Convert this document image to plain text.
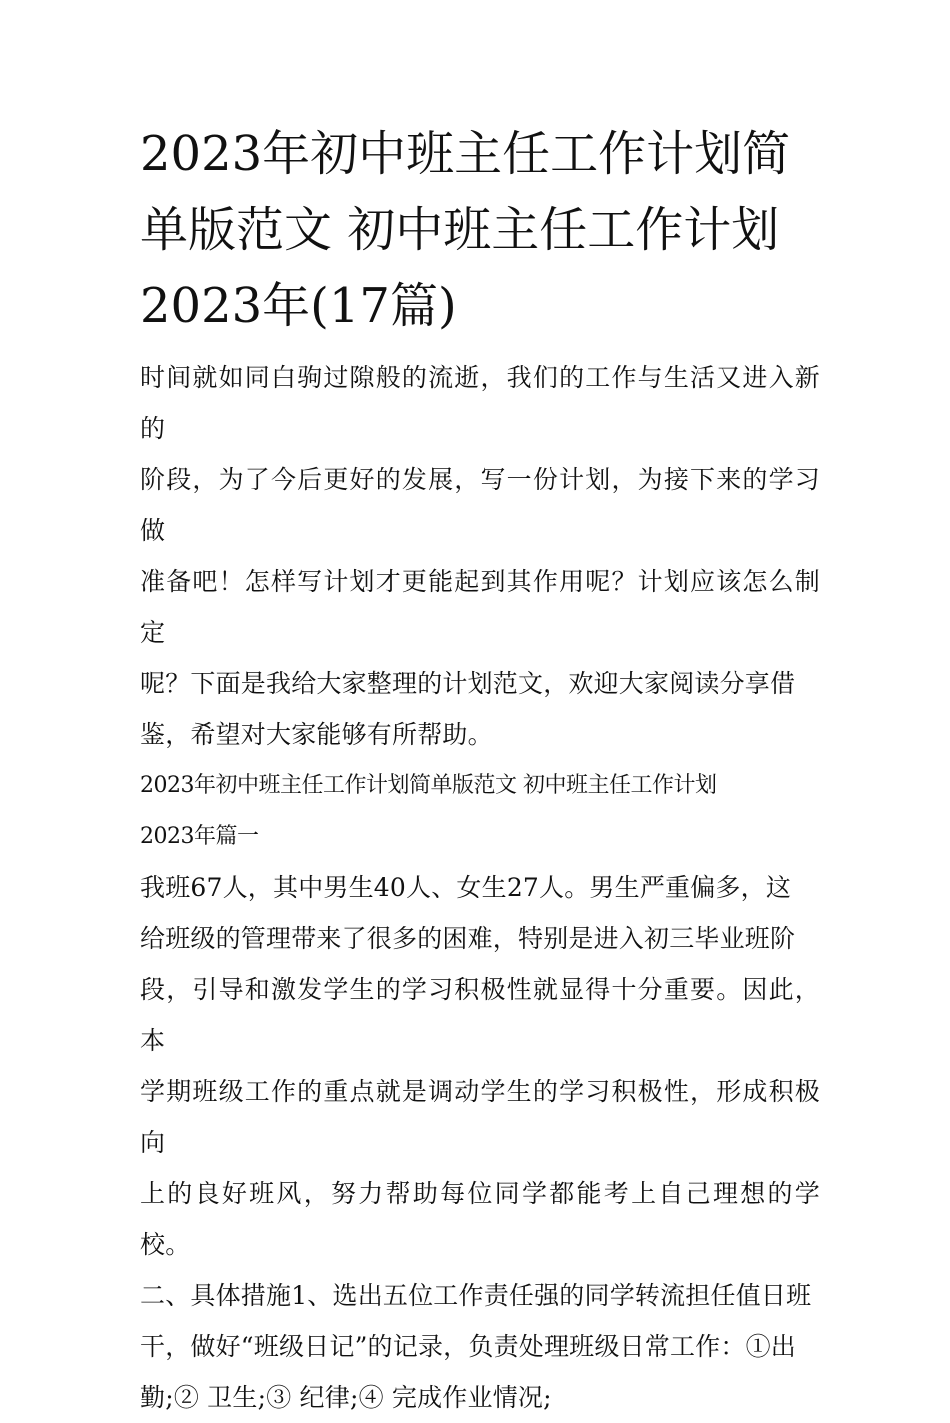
2023年初中班主任工作计划简
单版范文 初中班主任工作计划
2023年(17篇)
时间就如同白驹过隙般的流逝，我们的工作与生活又进入新的
阶段，为了今后更好的发展，写一份计划，为接下来的学习做
准备吧！怎样写计划才更能起到其作用呢？计划应该怎么制定
呢？下面是我给大家整理的计划范文，欢迎大家阅读分享借
鉴，希望对大家能够有所帮助。
2023年初中班主任工作计划简单版范文 初中班主任工作计划
2023年篇一
我班67人，其中男生40人、女生27人。男生严重偏多，这
给班级的管理带来了很多的困难，特别是进入初三毕业班阶
段，引导和激发学生的学习积极性就显得十分重要。因此，本
学期班级工作的重点就是调动学生的学习积极性，形成积极向
上的良好班风，努力帮助每位同学都能考上自己理想的学校。
二、具体措施1、选出五位工作责任强的同学转流担任值日班
干，做好“班级日记”的记录，负责处理班级日常工作：①出
勤;② 卫生;③ 纪律;④ 完成作业情况;
